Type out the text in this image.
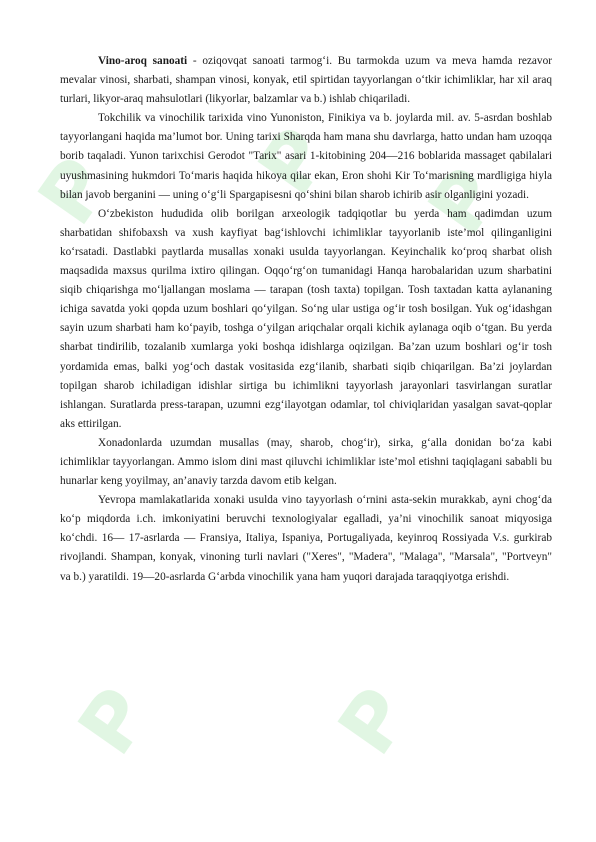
P P P
P P

Vino-aroq sanoati - oziqovqat sanoati tarmog‘i. Bu tarmokda uzum va meva hamda rezavor mevalar vinosi, sharbati, shampan vinosi, konyak, etil spirtidan tayyorlangan o‘tkir ichimliklar, har xil araq turlari, likyor-araq mahsulotlari (likyorlar, balzamlar va b.) ishlab chiqariladi.

Tokchilik va vinochilik tarixida vino Yunoniston, Finikiya va b. joylarda mil. av. 5-asrdan boshlab tayyorlangani haqida ma’lumot bor. Uning tarixi Sharqda ham mana shu davrlarga, hatto undan ham uzoqqa borib taqaladi. Yunon tarixchisi Gerodot "Tarix" asari 1-kitobining 204—216 boblarida massaget qabilalari uyushmasining hukmdori To‘maris haqida hikoya qilar ekan, Eron shohi Kir To‘marisning mardligiga hiyla bilan javob berganini — uning o‘g‘li Spargapisesni qo‘shini bilan sharob ichirib asir olganligini yozadi.

O‘zbekiston hududida olib borilgan arxeologik tadqiqotlar bu yerda ham qadimdan uzum sharbatidan shifobaxsh va xush kayfiyat bag‘ishlovchi ichimliklar tayyorlanib iste’mol qilinganligini ko‘rsatadi. Dastlabki paytlarda musallas xonaki usulda tayyorlangan. Keyinchalik ko‘proq sharbat olish maqsadida maxsus qurilma ixtiro qilingan. Oqqo‘rg‘on tumanidagi Hanqa harobalaridan uzum sharbatini siqib chiqarishga mo‘ljallangan moslama — tarapan (tosh taxta) topilgan. Tosh taxtadan katta aylananing ichiga savatda yoki qopda uzum boshlari qo‘yilgan. So‘ng ular ustiga og‘ir tosh bosilgan. Yuk og‘idashgan sayin uzum sharbati ham ko‘payib, toshga o‘yilgan ariqchalar orqali kichik aylanaga oqib o‘tgan. Bu yerda sharbat tindirilib, tozalanib xumlarga yoki boshqa idishlarga oqizilgan. Ba’zan uzum boshlari og‘ir tosh yordamida emas, balki yog‘och dastak vositasida ezg‘ilanib, sharbati siqib chiqarilgan. Ba’zi joylardan topilgan sharob ichiladigan idishlar sirtiga bu ichimlikni tayyorlash jarayonlari tasvirlangan suratlar ishlangan. Suratlarda press-tarapan, uzumni ezg‘ilayotgan odamlar, tol chiviqlaridan yasalgan savat-qoplar aks ettirilgan.

Xonadonlarda uzumdan musallas (may, sharob, chog‘ir), sirka, g‘alla donidan bo‘za kabi ichimliklar tayyorlangan. Ammo islom dini mast qiluvchi ichimliklar iste’mol etishni taqiqlagani sababli bu hunarlar keng yoyilmay, an’anaviy tarzda davom etib kelgan.

Yevropa mamlakatlarida xonaki usulda vino tayyorlash o‘rnini asta-sekin murakkab, ayni chog‘da ko‘p miqdorda i.ch. imkoniyatini beruvchi texnologiyalar egalladi, ya’ni vinochilik sanoat miqyosiga ko‘chdi. 16— 17-asrlarda — Fransiya, Italiya, Ispaniya, Portugaliyada, keyinroq Rossiyada V.s. gurkirab rivojlandi. Shampan, konyak, vinoning turli navlari ("Xeres", "Madera", "Malaga", "Marsala", "Portveyn" va b.) yaratildi. 19—20-asrlarda G‘arbda vinochilik yana ham yuqori darajada taraqqiyotga erishdi.
